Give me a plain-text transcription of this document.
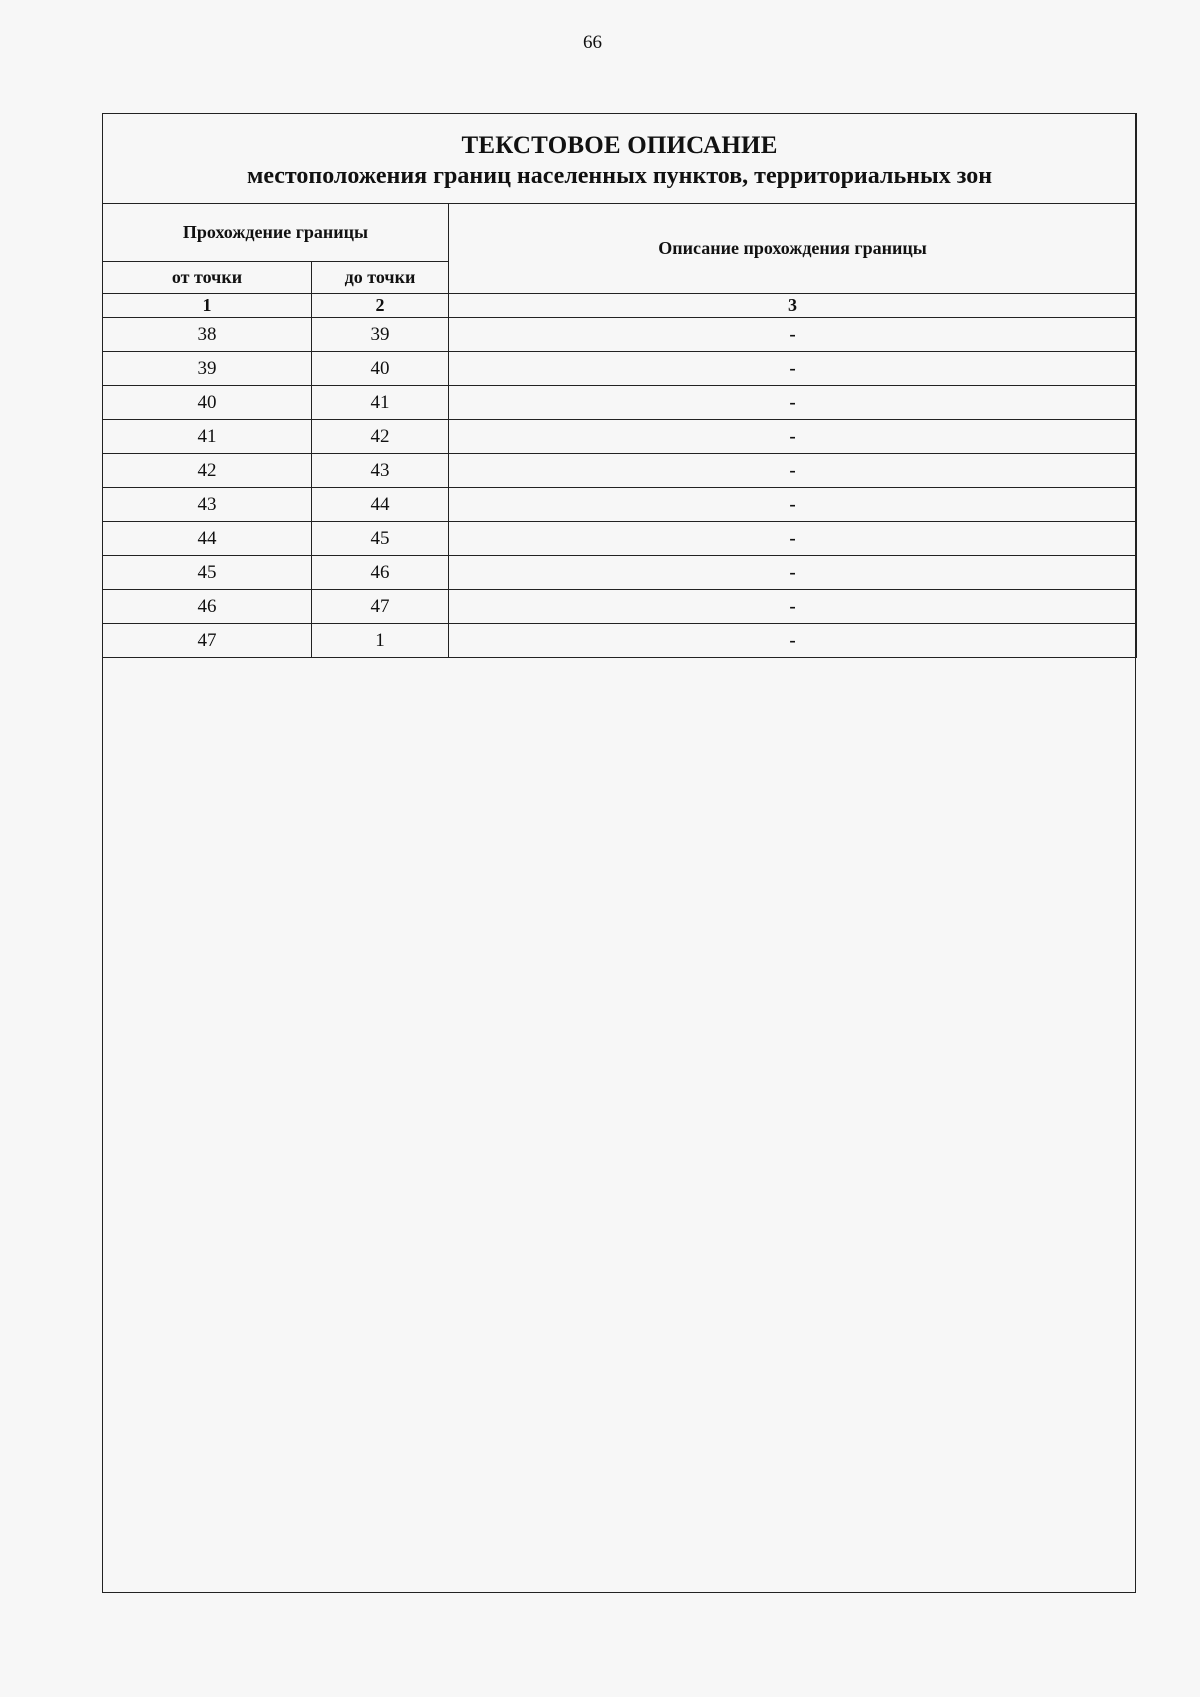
66
ТЕКСТОВОЕ ОПИСАНИЕ
местоположения границ населенных пунктов, территориальных зон		

Прохождение границы		Описание прохождения границы
от точки	до точки	
1	2	3
38	39	-
39	40	-
40	41	-
41	42	-
42	43	-
43	44	-
44	45	-
45	46	-
46	47	-
47	1	-
